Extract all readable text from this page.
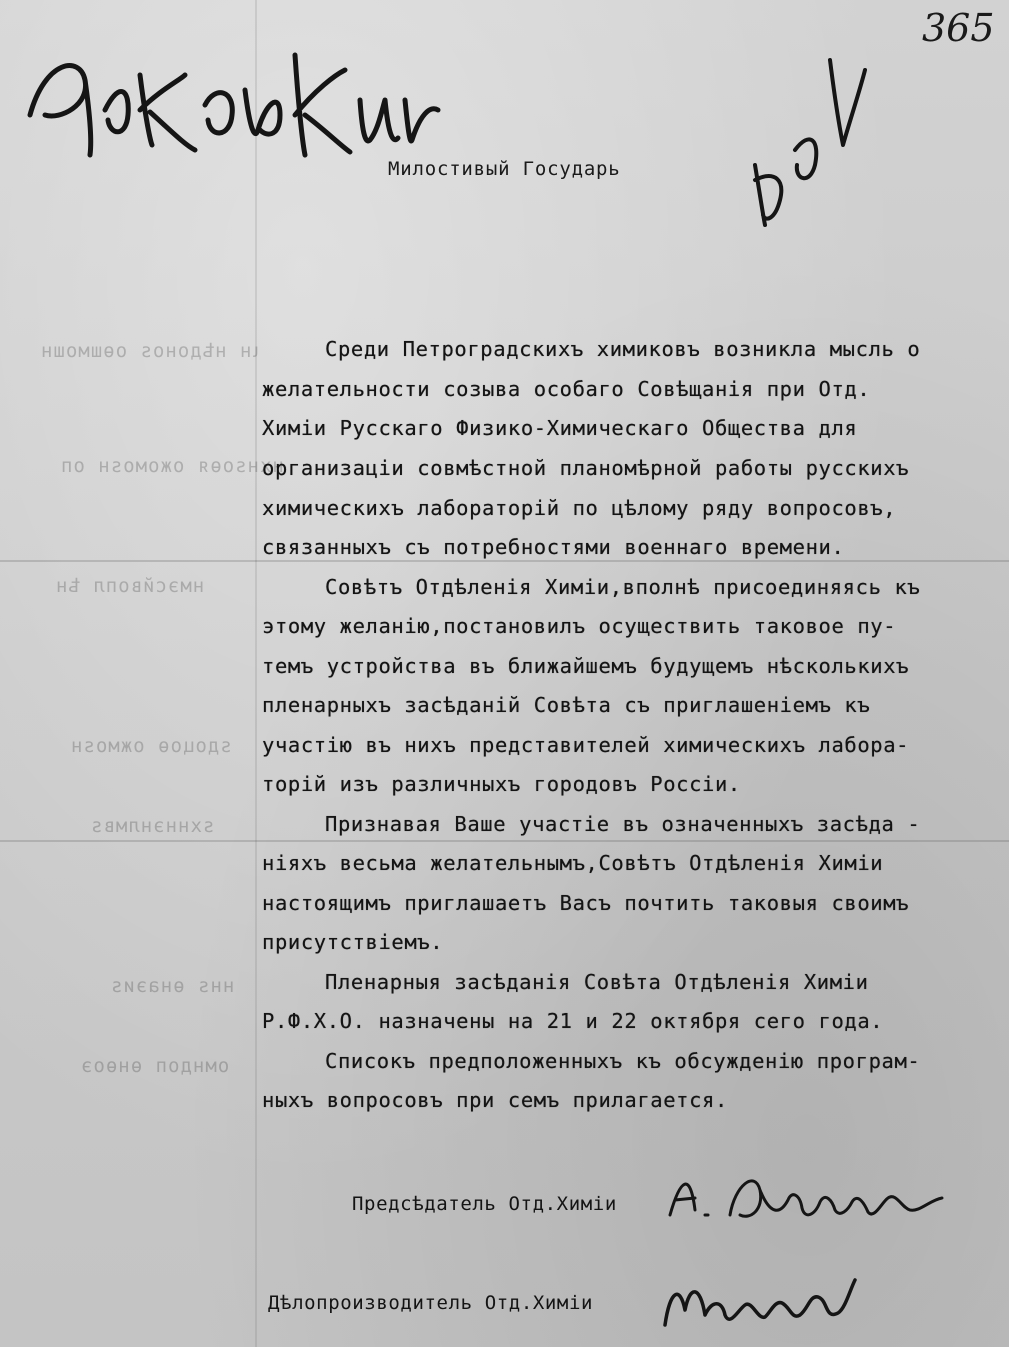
ꙇн нѣдоноѕ оѳшмошн
нхнѕоѳя ожомоѕн оп
нмэсйвопл ѣн
ѕдоцоѳ ожмоѕн
ѕхннэнлмвѕ
ннѕ ѳнаэиѕ
омндоп ѳнѳоэ
365
Милостивый Государь
Среди Петроградскихъ химиковъ возникла мысль о
желательности созыва особаго Совѣщанія при Отд.
Химіи Русскаго Физико-Химическаго Общества для
организаціи совмѣстной планомѣрной работы русскихъ
химическихъ лабораторій по цѣлому ряду вопросовъ,
связанныхъ съ потребностями военнаго времени.
Совѣтъ Отдѣленія Химіи,вполнѣ присоединяясь къ
этому желанію,постановилъ осуществить таковое пу-
темъ устройства въ ближайшемъ будущемъ нѣсколькихъ
пленарныхъ засѣданій Совѣта съ приглашеніемъ къ
участію въ нихъ представителей химическихъ лабора-
торій изъ различныхъ городовъ Россіи.
Признавая Ваше участіе въ означенныхъ засѣда -
ніяхъ весьма желательнымъ,Совѣтъ Отдѣленія Химіи
настоящимъ приглашаетъ Васъ почтить таковыя своимъ
присутствіемъ.
Пленарныя засѣданія Совѣта Отдѣленія Химіи
Р.Ф.Х.О. назначены на 21 и 22 октября сего года.
Списокъ предположенныхъ къ обсужденію програм-
ныхъ вопросовъ при семъ прилагается.
Предсѣдатель Отд.Химіи
Дѣлопроизводитель Отд.Химіи
